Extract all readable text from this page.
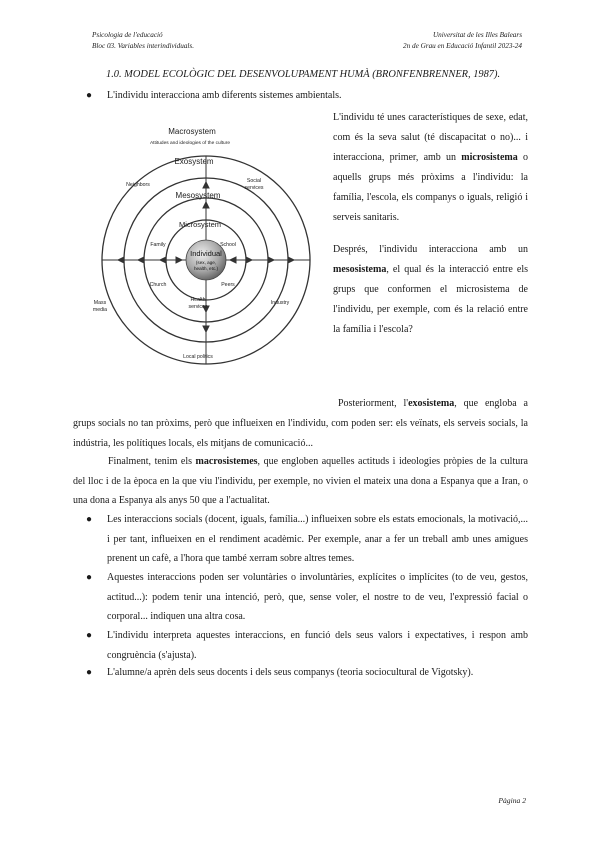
Psicologia de l'educació
Bloc 03. Variables interindividuals.
Universitat de les Illes Balears
2n de Grau en Educació Infantil 2023-24
1.0. MODEL ECOLÒGIC DEL DESENVOLUPAMENT HUMÀ (BRONFENBRENNER, 1987).
● L'individu interacciona amb diferents sistemes ambientals.
Macrosystem
Attitudes and ideologies of the culture
Exosystem
Mesosystem
Microsystem
Individual
(sex, age,
health, etc.)
Family	School
Church	Peers
Health
services
Neighbors
Social
services
Mass
media
Industry
Local politics
L'individu té unes característiques de sexe, edat, com és la seva salut (té discapacitat o no)... i interacciona, primer, amb un microsistema o aquells grups més pròxims a l'individu: la família, l'escola, els companys o iguals, religió i serveis sanitaris.
Després, l'individu interacciona amb un mesosistema, el qual és la interacció entre els grups que conformen el microsistema de l'individu, per exemple, com és la relació entre la família i l'escola?
Posteriorment, l'exosistema, que engloba a grups socials no tan pròxims, però que influeixen en l'individu, com poden ser: els veïnats, els serveis socials, la indústria, les polítiques locals, els mitjans de comunicació...
Finalment, tenim els macrosistemes, que engloben aquelles actituds i ideologies pròpies de la cultura del lloc i de la època en la que viu l'individu, per exemple, no vivien el mateix una dona a Espanya que a Iran, o una dona a Espanya als anys 50 que a l'actualitat.
● Les interaccions socials (docent, iguals, família...) influeixen sobre els estats emocionals, la motivació,... i per tant, influeixen en el rendiment acadèmic. Per exemple, anar a fer un treball amb unes amigues prenent un cafè, a l'hora que també xerram sobre altres temes.
● Aquestes interaccions poden ser voluntàries o involuntàries, explícites o implícites (to de veu, gestos, actitud...): podem tenir una intenció, però, que, sense voler, el nostre to de veu, l'expressió facial o corporal... indiquen una altra cosa.
● L'individu interpreta aquestes interaccions, en funció dels seus valors i expectatives, i respon amb congruència (s'ajusta).
● L'alumne/a aprèn dels seus docents i dels seus companys (teoria sociocultural de Vigotsky).
Pàgina 2
